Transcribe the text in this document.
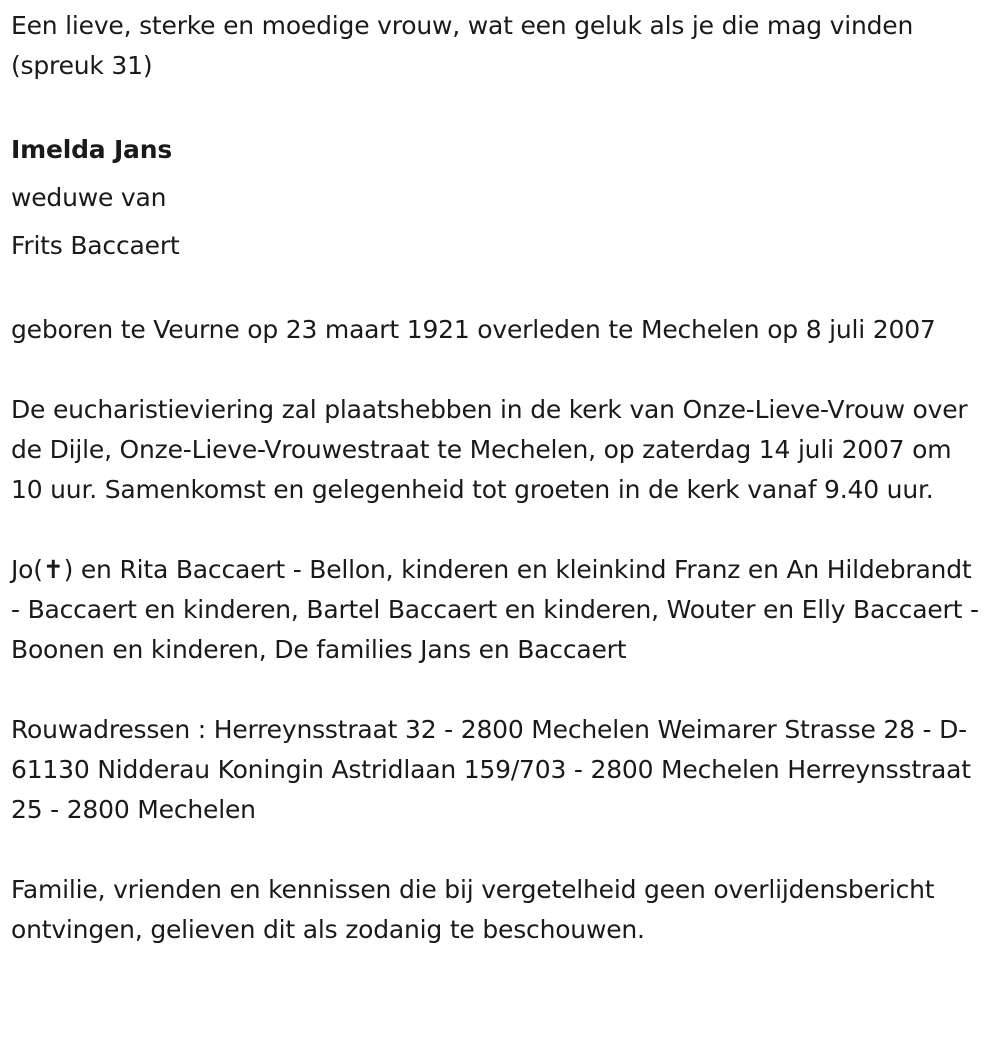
Een lieve, sterke en moedige vrouw, wat een geluk als je die mag vinden (spreuk 31)

Imelda Jans

weduwe van

Frits Baccaert

geboren te Veurne op 23 maart 1921 overleden te Mechelen op 8 juli 2007

De eucharistieviering zal plaatshebben in de kerk van Onze-Lieve-Vrouw over de Dijle, Onze-Lieve-Vrouwestraat te Mechelen, op zaterdag 14 juli 2007 om 10 uur. Samenkomst en gelegenheid tot groeten in de kerk vanaf 9.40 uur.

Jo(✝) en Rita Baccaert - Bellon, kinderen en kleinkind Franz en An Hildebrandt - Baccaert en kinderen, Bartel Baccaert en kinderen, Wouter en Elly Baccaert - Boonen en kinderen, De families Jans en Baccaert

Rouwadressen : Herreynsstraat 32 - 2800 Mechelen Weimarer Strasse 28 - D-61130 Nidderau Koningin Astridlaan 159/703 - 2800 Mechelen Herreynsstraat 25 - 2800 Mechelen

Familie, vrienden en kennissen die bij vergetelheid geen overlijdensbericht ontvingen, gelieven dit als zodanig te beschouwen.
